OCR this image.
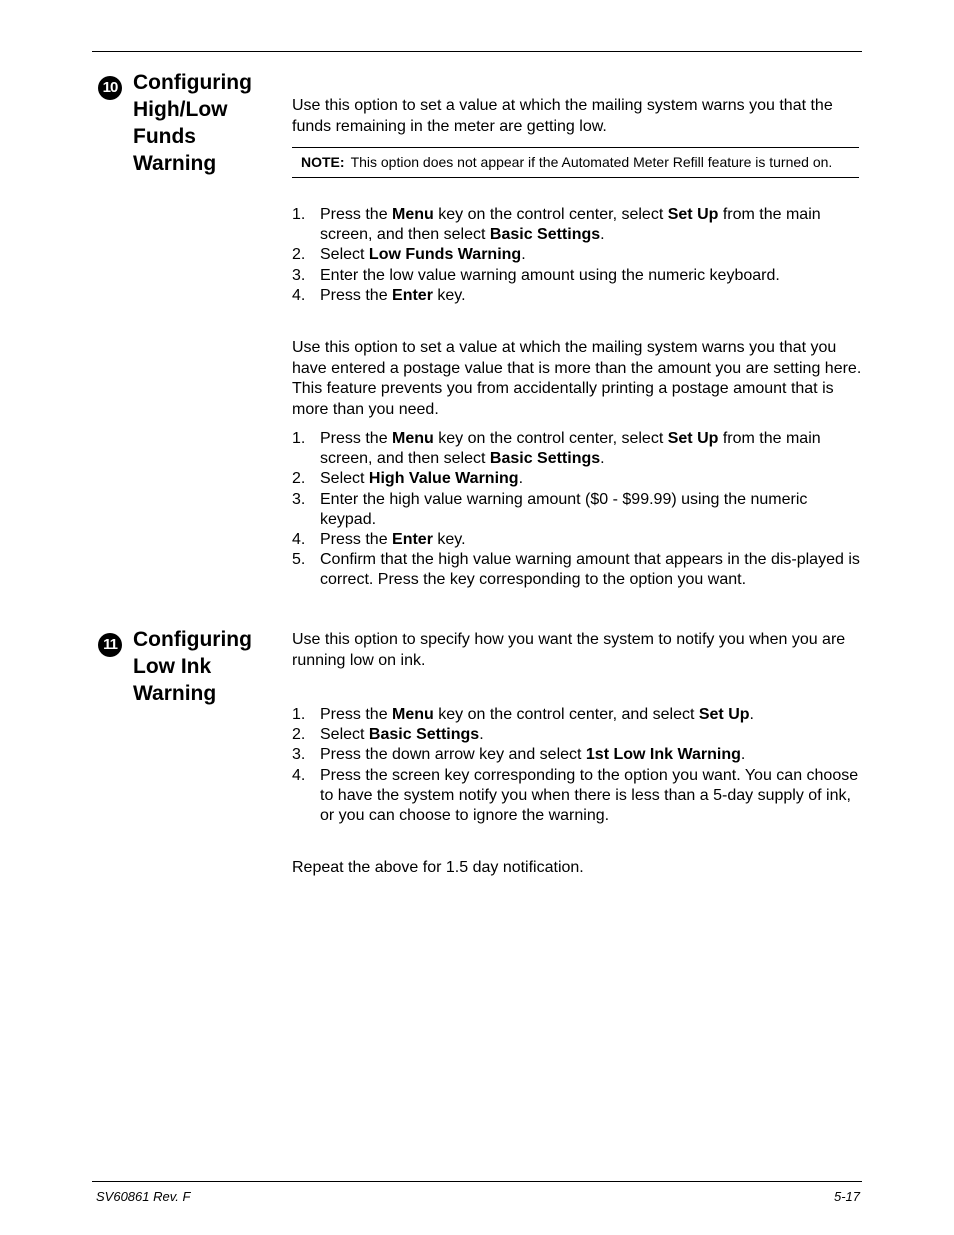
10 Configuring High/Low Funds Warning
Use this option to set a value at which the mailing system warns you that the funds remaining in the meter are getting low.
NOTE: This option does not appear if the Automated Meter Refill feature is turned on.
1. Press the Menu key on the control center, select Set Up from the main screen, and then select Basic Settings.
2. Select Low Funds Warning.
3. Enter the low value warning amount using the numeric keyboard.
4. Press the Enter key.
Use this option to set a value at which the mailing system warns you that you have entered a postage value that is more than the amount you are setting here. This feature prevents you from accidentally printing a postage amount that is more than you need.
1. Press the Menu key on the control center, select Set Up from the main screen, and then select Basic Settings.
2. Select High Value Warning.
3. Enter the high value warning amount ($0 - $99.99) using the numeric keypad.
4. Press the Enter key.
5. Confirm that the high value warning amount that appears in the dis-played is correct. Press the key corresponding to the option you want.
11 Configuring Low Ink Warning
Use this option to specify how you want the system to notify you when you are running low on ink.
1. Press the Menu key on the control center, and select Set Up.
2. Select Basic Settings.
3. Press the down arrow key and select 1st Low Ink Warning.
4. Press the screen key corresponding to the option you want. You can choose to have the system notify you when there is less than a 5-day supply of ink, or you can choose to ignore the warning.
Repeat the above for 1.5 day notification.
SV60861 Rev. F	5-17
